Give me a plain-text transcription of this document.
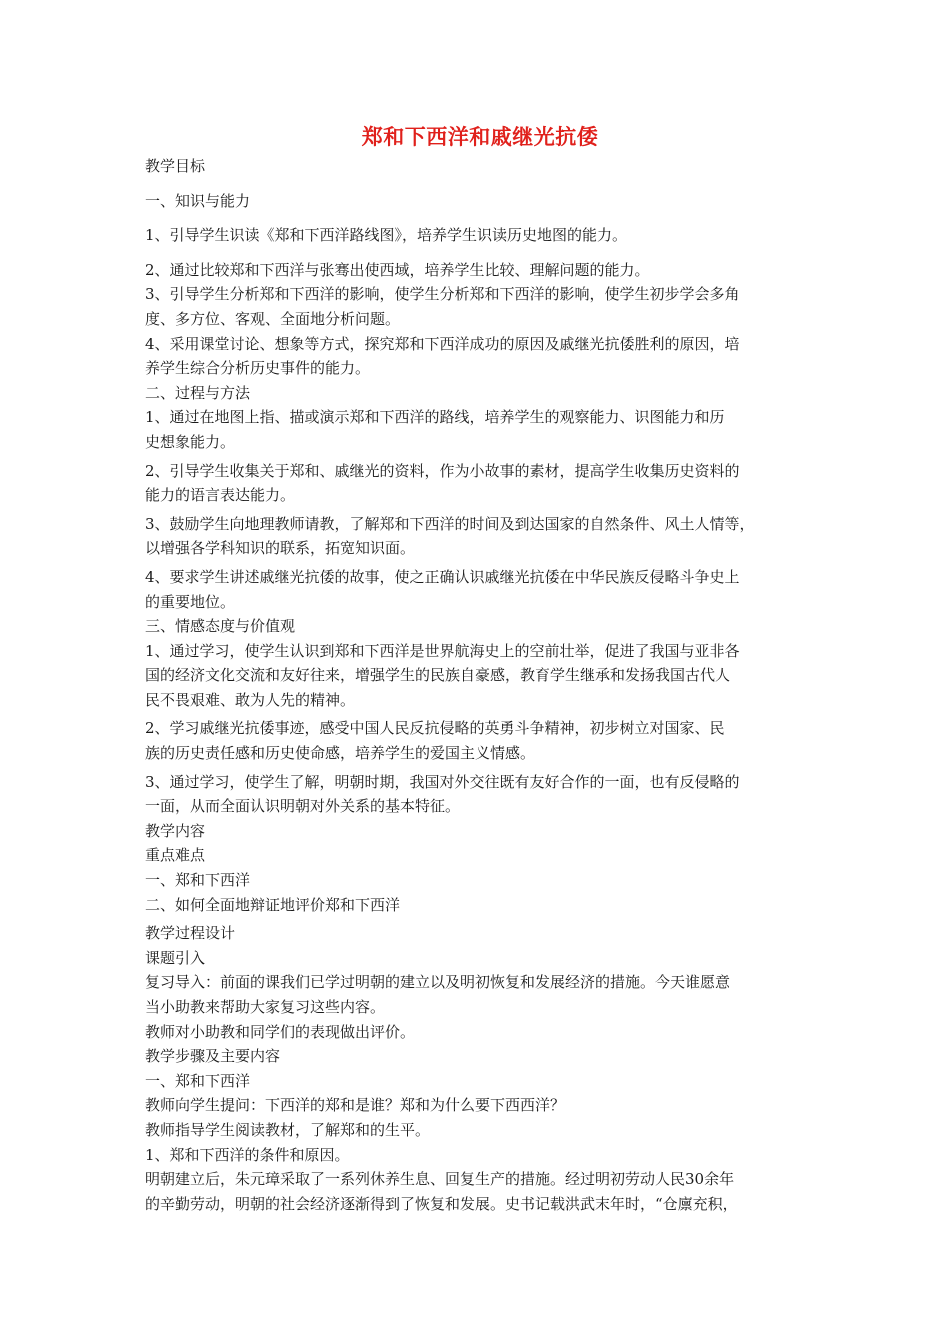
郑和下西洋和戚继光抗倭

教学目标

一、知识与能力

1、引导学生识读《郑和下西洋路线图》，培养学生识读历史地图的能力。

2、通过比较郑和下西洋与张骞出使西域，培养学生比较、理解问题的能力。

3、引导学生分析郑和下西洋的影响，使学生分析郑和下西洋的影响，使学生初步学会多角

度、多方位、客观、全面地分析问题。

4、采用课堂讨论、想象等方式，探究郑和下西洋成功的原因及戚继光抗倭胜利的原因，培

养学生综合分析历史事件的能力。

二、过程与方法

1、通过在地图上指、描或演示郑和下西洋的路线，培养学生的观察能力、识图能力和历

史想象能力。

2、引导学生收集关于郑和、戚继光的资料，作为小故事的素材，提高学生收集历史资料的

能力的语言表达能力。

3、鼓励学生向地理教师请教，了解郑和下西洋的时间及到达国家的自然条件、风土人情等，

以增强各学科知识的联系，拓宽知识面。

4、要求学生讲述戚继光抗倭的故事，使之正确认识戚继光抗倭在中华民族反侵略斗争史上

的重要地位。

三、情感态度与价值观

1、通过学习，使学生认识到郑和下西洋是世界航海史上的空前壮举，促进了我国与亚非各

国的经济文化交流和友好往来，增强学生的民族自豪感，教育学生继承和发扬我国古代人

民不畏艰难、敢为人先的精神。

2、学习戚继光抗倭事迹，感受中国人民反抗侵略的英勇斗争精神，初步树立对国家、民

族的历史责任感和历史使命感，培养学生的爱国主义情感。

3、通过学习，使学生了解，明朝时期，我国对外交往既有友好合作的一面，也有反侵略的

一面，从而全面认识明朝对外关系的基本特征。

教学内容

重点难点

一、郑和下西洋

二、如何全面地辩证地评价郑和下西洋

教学过程设计

课题引入

复习导入：前面的课我们已学过明朝的建立以及明初恢复和发展经济的措施。今天谁愿意

当小助教来帮助大家复习这些内容。

教师对小助教和同学们的表现做出评价。

教学步骤及主要内容

一、郑和下西洋

教师向学生提问：下西洋的郑和是谁？郑和为什么要下西西洋？

教师指导学生阅读教材，了解郑和的生平。

1、郑和下西洋的条件和原因。

明朝建立后，朱元璋采取了一系列休养生息、回复生产的措施。经过明初劳动人民30余年

的辛勤劳动，明朝的社会经济逐渐得到了恢复和发展。史书记载洪武末年时，“仓廪充积，
